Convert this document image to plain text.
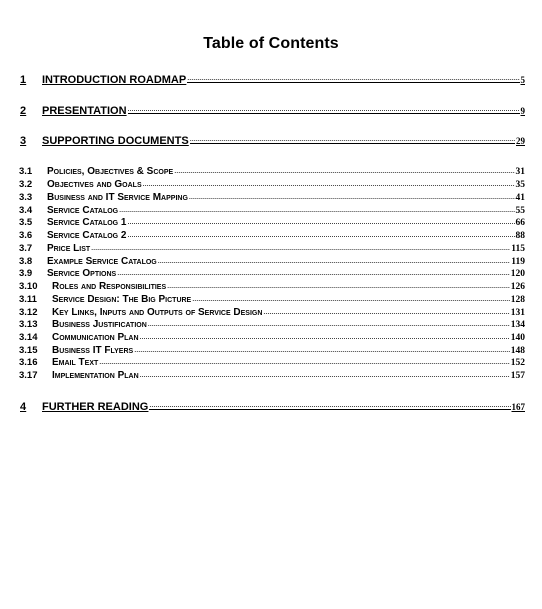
Table of Contents
1	INTRODUCTION ROADMAP .....	5
2	PRESENTATION .....	9
3	SUPPORTING DOCUMENTS .....	29
3.1	Policies, Objectives & Scope .....	31
3.2	Objectives and Goals .....	35
3.3	Business and IT Service Mapping .....	41
3.4	Service Catalog .....	55
3.5	Service Catalog 1 .....	66
3.6	Service Catalog 2 .....	88
3.7	Price List .....	115
3.8	Example Service Catalog .....	119
3.9	Service Options .....	120
3.10	Roles and Responsibilities .....	126
3.11	Service Design: The Big Picture .....	128
3.12	Key Links, Inputs and Outputs of Service Design .....	131
3.13	Business Justification .....	134
3.14	Communication Plan .....	140
3.15	Business IT Flyers .....	148
3.16	Email Text .....	152
3.17	Implementation Plan .....	157
4	FURTHER READING .....	167
